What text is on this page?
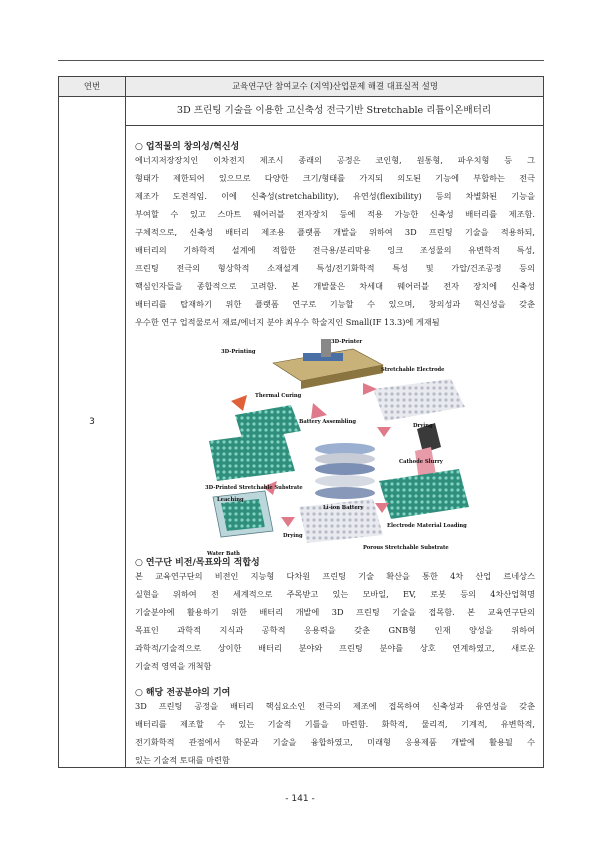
연번	교육연구단 참여교수 (지역)산업문제 해결 대표실적 설명
3
3D 프린팅 기술을 이용한 고신축성 전극기반 Stretchable 리튬이온배터리
○ 업적물의 창의성/혁신성
에너지저장장치인 이차전지 제조시 종래의 공정은 코인형, 원통형, 파우치형 등 그
형태가 제한되어 있으므로 다양한 크기/형태를 가지되 의도된 기능에 부합하는 전극
제조가 도전적임. 이에 신축성(stretchability), 유연성(flexibility) 등의 차별화된 기능을
부여할 수 있고 스마트 웨어러블 전자장치 등에 적용 가능한 신축성 배터리를 제조함.
구체적으로, 신축성 배터리 제조용 플랫폼 개발을 위하여 3D 프린팅 기술을 적용하되,
배터리의 기하학적 설계에 적합한 전극용/분리막용 잉크 조성물의 유변학적 특성,
프린팅 전극의 형상학적 소재설계 특성/전기화학적 특성 및 가압/건조공정 등의
핵심인자들을 종합적으로 고려함. 본 개발물은 차세대 웨어러블 전자 장치에 신축성
배터리를 탑재하기 위한 플랫폼 연구로 기능할 수 있으며, 창의성과 혁신성을 갖춘
우수한 연구 업적물로서 재료/에너지 분야 최우수 학술지인 Small(IF 13.3)에 게재됨
3D-Printing
3D-Printer
Stretchable Electrode
Thermal Curing
Battery Assembling
Drying
Cathode Slurry
3D-Printed Stretchable Substrate
Li-ion Battery
Leaching
Electrode Material Loading
Drying
Porous Stretchable Substrate
Water Bath
○ 연구단 비전/목표와의 적합성
본 교육연구단의 비전인 지능형 다차원 프린팅 기술 확산을 통한 4차 산업 르네상스
실현을 위하여 전 세계적으로 주목받고 있는 모바일, EV, 로봇 등의 4차산업혁명
기술분야에 활용하기 위한 배터리 개발에 3D 프린팅 기술을 접목함. 본 교육연구단의
목표인 과학적 지식과 공학적 응용력을 갖춘 GNB형 인재 양성을 위하여
과학적/기술적으로 상이한 배터리 분야와 프린팅 분야를 상호 연계하였고, 새로운
기술적 영역을 개척함
○ 해당 전공분야의 기여
3D 프린팅 공정을 배터리 핵심요소인 전극의 제조에 접목하여 신축성과 유연성을 갖춘
배터리를 제조할 수 있는 기술적 기틀을 마련함. 화학적, 물리적, 기계적, 유변학적,
전기화학적 관점에서 학문과 기술을 융합하였고, 미래형 응용제품 개발에 활용될 수
있는 기술적 토대를 마련함
- 141 -
